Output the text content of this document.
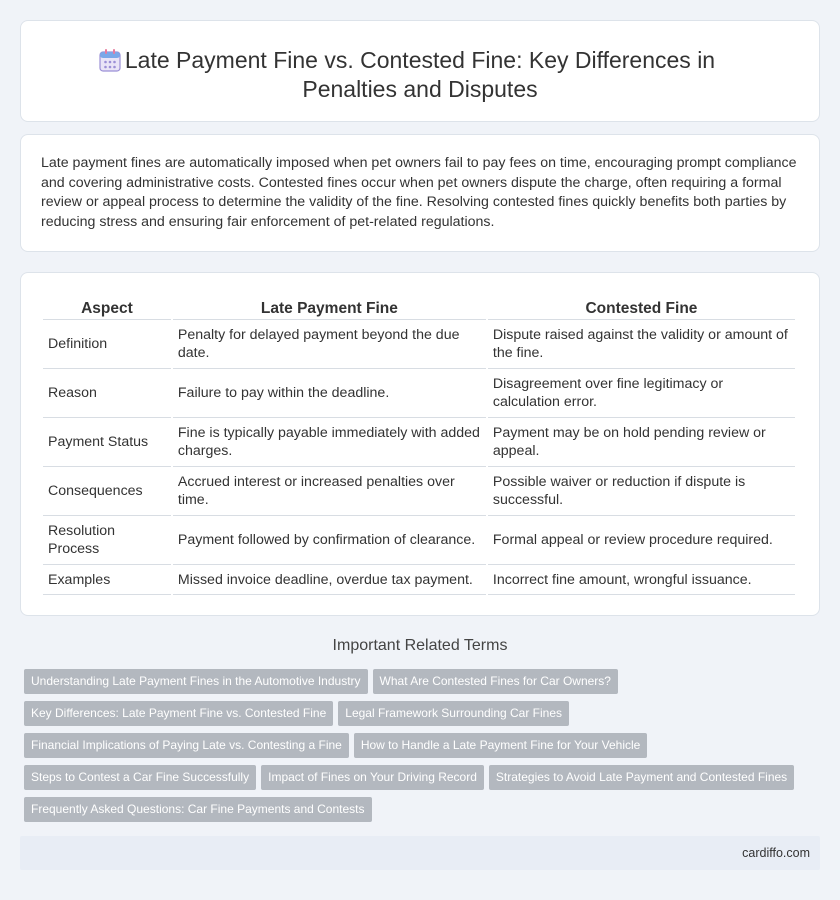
Late Payment Fine vs. Contested Fine: Key Differences in Penalties and Disputes

Late payment fines are automatically imposed when pet owners fail to pay fees on time, encouraging prompt compliance and covering administrative costs. Contested fines occur when pet owners dispute the charge, often requiring a formal review or appeal process to determine the validity of the fine. Resolving contested fines quickly benefits both parties by reducing stress and ensuring fair enforcement of pet-related regulations.

Aspect	Late Payment Fine	Contested Fine
Definition	Penalty for delayed payment beyond the due date.	Dispute raised against the validity or amount of the fine.
Reason	Failure to pay within the deadline.	Disagreement over fine legitimacy or calculation error.
Payment Status	Fine is typically payable immediately with added charges.	Payment may be on hold pending review or appeal.
Consequences	Accrued interest or increased penalties over time.	Possible waiver or reduction if dispute is successful.
Resolution Process	Payment followed by confirmation of clearance.	Formal appeal or review procedure required.
Examples	Missed invoice deadline, overdue tax payment.	Incorrect fine amount, wrongful issuance.
Important Related Terms
Understanding Late Payment Fines in the Automotive Industry What Are Contested Fines for Car Owners?
Key Differences: Late Payment Fine vs. Contested Fine Legal Framework Surrounding Car Fines
Financial Implications of Paying Late vs. Contesting a Fine How to Handle a Late Payment Fine for Your Vehicle
Steps to Contest a Car Fine Successfully Impact of Fines on Your Driving Record Strategies to Avoid Late Payment and Contested Fines
Frequently Asked Questions: Car Fine Payments and Contests
cardiffo.com
